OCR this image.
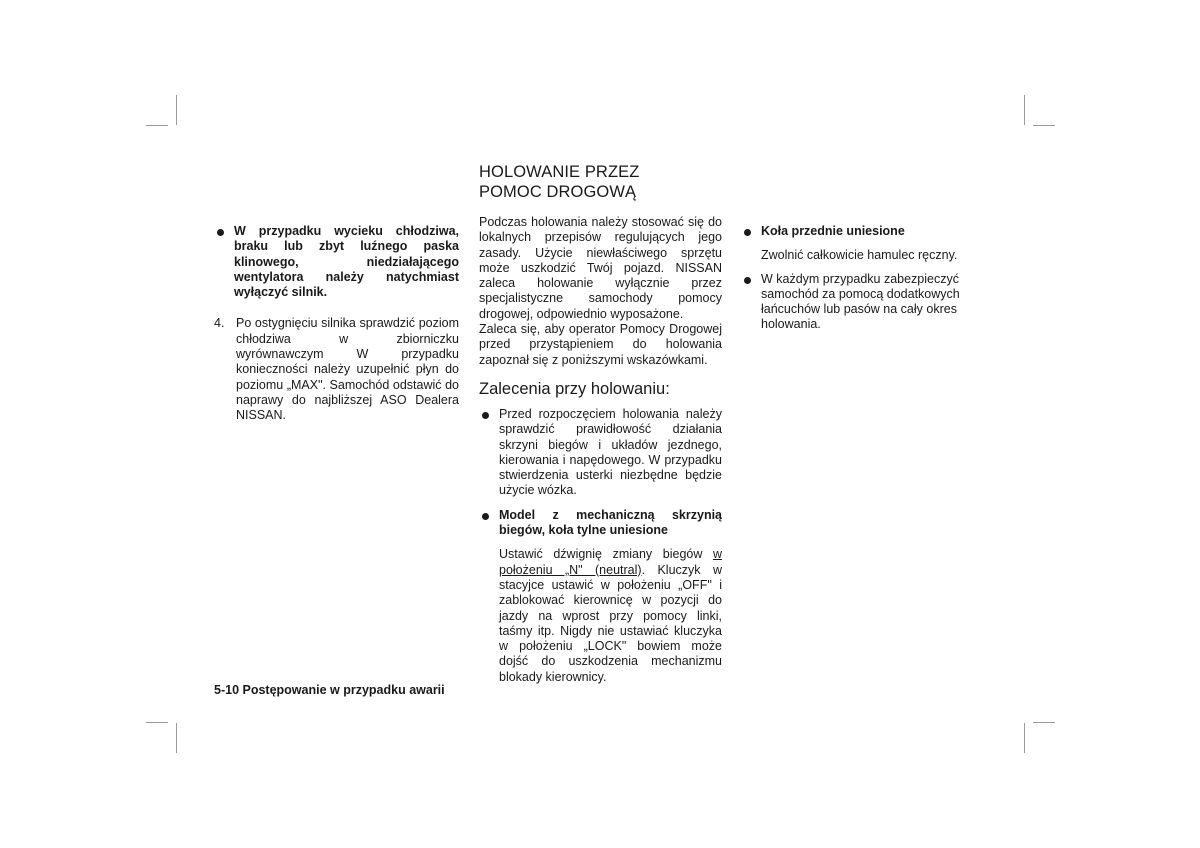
W przypadku wycieku chłodziwa, braku lub zbyt luźnego paska klinowego, niedziałającego wentylatora należy natychmiast wyłączyć silnik.

4. Po ostygnięciu silnika sprawdzić poziom chłodziwa w zbiorniczku wyrównawczym W przypadku konieczności należy uzupełnić płyn do poziomu „MAX". Samochód odstawić do naprawy do najbliższej ASO Dealera NISSAN.

HOLOWANIE PRZEZ
POMOC DROGOWĄ

Podczas holowania należy stosować się do lokalnych przepisów regulujących jego zasady. Użycie niewłaściwego sprzętu może uszkodzić Twój pojazd. NISSAN zaleca holowanie wyłącznie przez specjalistyczne samochody pomocy drogowej, odpowiednio wyposażone.

Zaleca się, aby operator Pomocy Drogowej przed przystąpieniem do holowania zapoznał się z poniższymi wskazówkami.

Zalecenia przy holowaniu:

Przed rozpoczęciem holowania należy sprawdzić prawidłowość działania skrzyni biegów i układów jezdnego, kierowania i napędowego. W przypadku stwierdzenia usterki niezbędne będzie użycie wózka.

Model z mechaniczną skrzynią biegów, koła tylne uniesione

Ustawić dźwignię zmiany biegów w położeniu „N" (neutral). Kluczyk w stacyjce ustawić w położeniu „OFF" i zablokować kierownicę w pozycji do jazdy na wprost przy pomocy linki, taśmy itp. Nigdy nie ustawiać kluczyka w położeniu „LOCK" bowiem może dojść do uszkodzenia mechanizmu blokady kierownicy.

Koła przednie uniesione

Zwolnić całkowicie hamulec ręczny.

W każdym przypadku zabezpieczyć samochód za pomocą dodatkowych łańcuchów lub pasów na cały okres holowania.

5-10 Postępowanie w przypadku awarii
